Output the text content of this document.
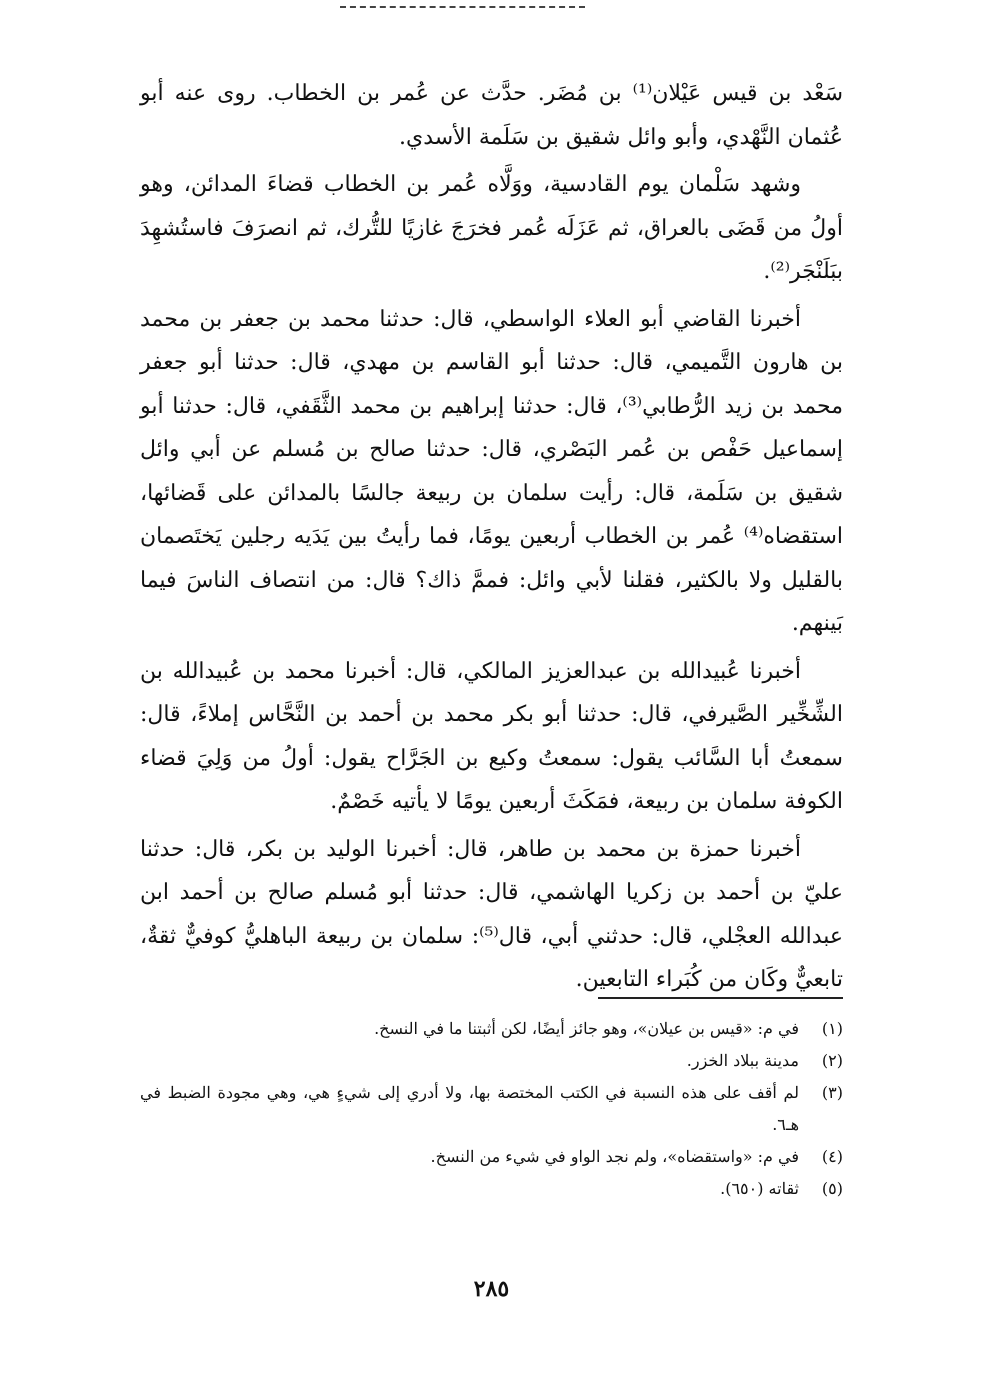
سَعْد بن قيس عَيْلان⁽¹⁾ بن مُضَر. حدَّث عن عُمر بن الخطاب. روى عنه أبو عُثمان النَّهْدي، وأبو وائل شقيق بن سَلَمة الأسدي.

وشهد سَلْمان يوم القادسية، ووَلَّاه عُمر بن الخطاب قضاءَ المدائن، وهو أولُ من قَضَى بالعراق، ثم عَزَلَه عُمر فخرَجَ غازيًا للتُّرك، ثم انصرَفَ فاستُشهِدَ ببَلَنْجَر⁽²⁾.

أخبرنا القاضي أبو العلاء الواسطي، قال: حدثنا محمد بن جعفر بن محمد بن هارون التَّميمي، قال: حدثنا أبو القاسم بن مهدي، قال: حدثنا أبو جعفر محمد بن زيد الرُّطابي⁽³⁾، قال: حدثنا إبراهيم بن محمد الثَّقَفي، قال: حدثنا أبو إسماعيل حَفْص بن عُمر البَصْري، قال: حدثنا صالح بن مُسلم عن أبي وائل شقيق بن سَلَمة، قال: رأيت سلمان بن ربيعة جالسًا بالمدائن على قَضائها، استقضاه⁽⁴⁾ عُمر بن الخطاب أربعين يومًا، فما رأيتُ بين يَدَيه رجلين يَختَصمان بالقليل ولا بالكثير، فقلنا لأبي وائل: فممَّ ذاك؟ قال: من انتصاف الناسَ فيما بَينهم.

أخبرنا عُبيدالله بن عبدالعزيز المالكي، قال: أخبرنا محمد بن عُبيدالله بن الشِّخِّير الصَّيرفي، قال: حدثنا أبو بكر محمد بن أحمد بن النَّحَّاس إملاءً، قال: سمعتُ أبا السَّائب يقول: سمعتُ وكيع بن الجَرَّاح يقول: أولُ من وَلِيَ قضاء الكوفة سلمان بن ربيعة، فمَكَثَ أربعين يومًا لا يأتيه خَصْمٌ.

أخبرنا حمزة بن محمد بن طاهر، قال: أخبرنا الوليد بن بكر، قال: حدثنا عليّ بن أحمد بن زكريا الهاشمي، قال: حدثنا أبو مُسلم صالح بن أحمد ابن عبدالله العجْلي، قال: حدثني أبي، قال⁽⁵⁾: سلمان بن ربيعة الباهليُّ كوفيٌّ ثقةٌ، تابعيٌّ وكَان من كُبَراء التابعين.

(١)
في م: «قيس بن عيلان»، وهو جائز أيضًا، لكن أثبتنا ما في النسخ.
(٢)
مدينة ببلاد الخزر.
(٣)
لم أقف على هذه النسبة في الكتب المختصة بها، ولا أدري إلى شيءٍ هي، وهي مجودة الضبط في هـ٦.
(٤)
في م: «واستقضاه»، ولم نجد الواو في شيء من النسخ.
(٥)
ثقاته (٦٥٠).
٢٨٥
